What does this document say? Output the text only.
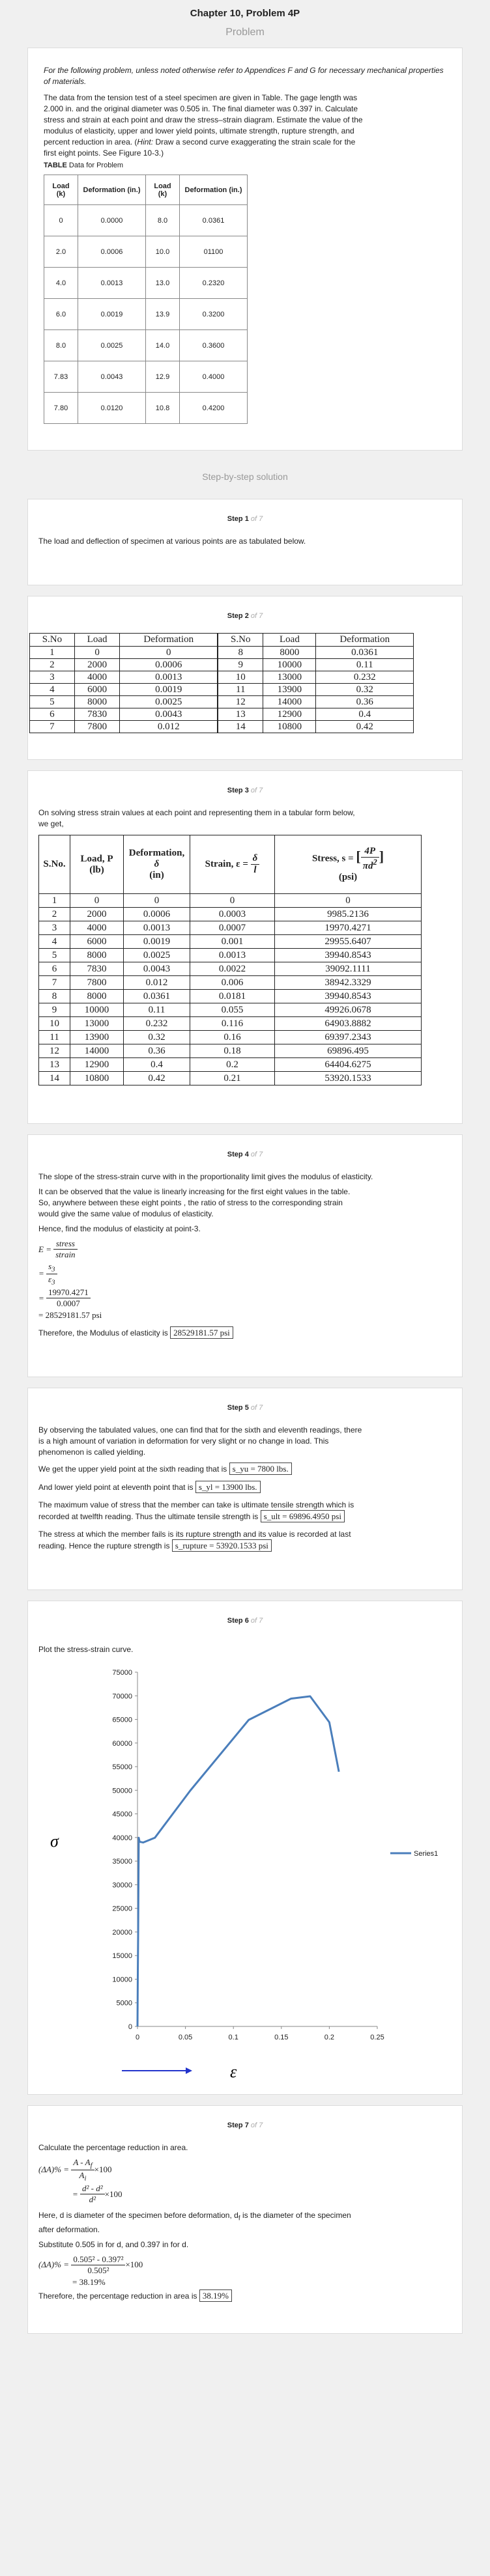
Chapter 10, Problem 4P
Problem

For the following problem, unless noted otherwise refer to Appendices F and G for necessary mechanical properties of materials.

The data from the tension test of a steel specimen are given in Table. The gage length was
2.000 in. and the original diameter was 0.505 in. The final diameter was 0.397 in. Calculate
stress and strain at each point and draw the stress–strain diagram. Estimate the value of the
modulus of elasticity, upper and lower yield points, ultimate strength, rupture strength, and
percent reduction in area. (Hint: Draw a second curve exaggerating the strain scale for the
first eight points. See Figure 10-3.)

TABLE Data for Problem
Load (k)	Deformation (in.)	Load (k)	Deformation (in.)
0	0.0000	8.0	0.0361
2.0	0.0006	10.0	01100
4.0	0.0013	13.0	0.2320
6.0	0.0019	13.9	0.3200
8.0	0.0025	14.0	0.3600
7.83	0.0043	12.9	0.4000
7.80	0.0120	10.8	0.4200
Step-by-step solution
Step 1 of 7

The load and deflection of specimen at various points are as tabulated below.

Step 2 of 7
S.No	Load	Deformation	S.No	Load	Deformation
1	0	0	8	8000	0.0361
2	2000	0.0006	9	10000	0.11
3	4000	0.0013	10	13000	0.232
4	6000	0.0019	11	13900	0.32
5	8000	0.0025	12	14000	0.36
6	7830	0.0043	13	12900	0.4
7	7800	0.012	14	10800	0.42
Step 3 of 7

On solving stress strain values at each point and representing them in a tabular form below,
we get,

S.No.	Load, P
(lb)	Deformation,
δ
(in)	Strain, $\varepsilon = \frac{\delta}{l}$	Stress, s = [ $\frac{4P}{\pi d^2}$ ]
(psi)
1	0	0	0	0
2	2000	0.0006	0.0003	9985.2136
3	4000	0.0013	0.0007	19970.4271
4	6000	0.0019	0.001	29955.6407
5	8000	0.0025	0.0013	39940.8543
6	7830	0.0043	0.0022	39092.1111
7	7800	0.012	0.006	38942.3329
8	8000	0.0361	0.0181	39940.8543
9	10000	0.11	0.055	49926.0678
10	13000	0.232	0.116	64903.8882
11	13900	0.32	0.16	69397.2343
12	14000	0.36	0.18	69896.495
13	12900	0.4	0.2	64404.6275
14	10800	0.42	0.21	53920.1533
Step 4 of 7

The slope of the stress-strain curve with in the proportionality limit gives the modulus of elasticity.

It can be observed that the value is linearly increasing for the first eight values in the table.
So, anywhere between these eight points , the ratio of stress to the corresponding strain
would give the same value of modulus of elasticity.

Hence, find the modulus of elasticity at point-3.

E =
$\frac{\text{stress}}{\text{strain}}$
=
$\frac{s_3}{\varepsilon_3}$
=
$\frac{19970.4271}{0.0007}$
= 28529181.57 psi

Therefore, the Modulus of elasticity is 28529181.57 psi

Step 5 of 7

By observing the tabulated values, one can find that for the sixth and eleventh readings, there
is a high amount of variation in deformation for very slight or no change in load. This
phenomenon is called yielding.

We get the upper yield point at the sixth reading that is s_yu = 7800 lbs.

And lower yield point at eleventh point that is s_yl = 13900 lbs.

The maximum value of stress that the member can take is ultimate tensile strength which is
recorded at twelfth reading. Thus the ultimate tensile strength is s_ult = 69896.4950 psi

The stress at which the member fails is its rupture strength and its value is recorded at last
reading. Hence the rupture strength is s_rupture = 53920.1533 psi

Step 6 of 7

Plot the stress-strain curve.

σ
ε
0
5000
10000
15000
20000
25000
30000
35000
40000
45000
50000
55000
60000
65000
70000
75000
0	0.05	0.1	0.15	0.2	0.25
Series1
Step 7 of 7

Calculate the percentage reduction in area.

(ΔA)% =
$\frac{A - A_f}{A_i} \times 100$
=
$\frac{\text{d² - d²}}{\text{d²}} \times 100$

Here, d is diameter of the specimen before deformation, $d_f$ is the diameter of the specimen
after deformation.

Substitute 0.505 in for d, and 0.397 in for d.

(ΔA)% =
$\frac{\text{0.505² - 0.397²}}{\text{0.505²}} \times 100$
= 38.19%

Therefore, the percentage reduction in area is 38.19%
